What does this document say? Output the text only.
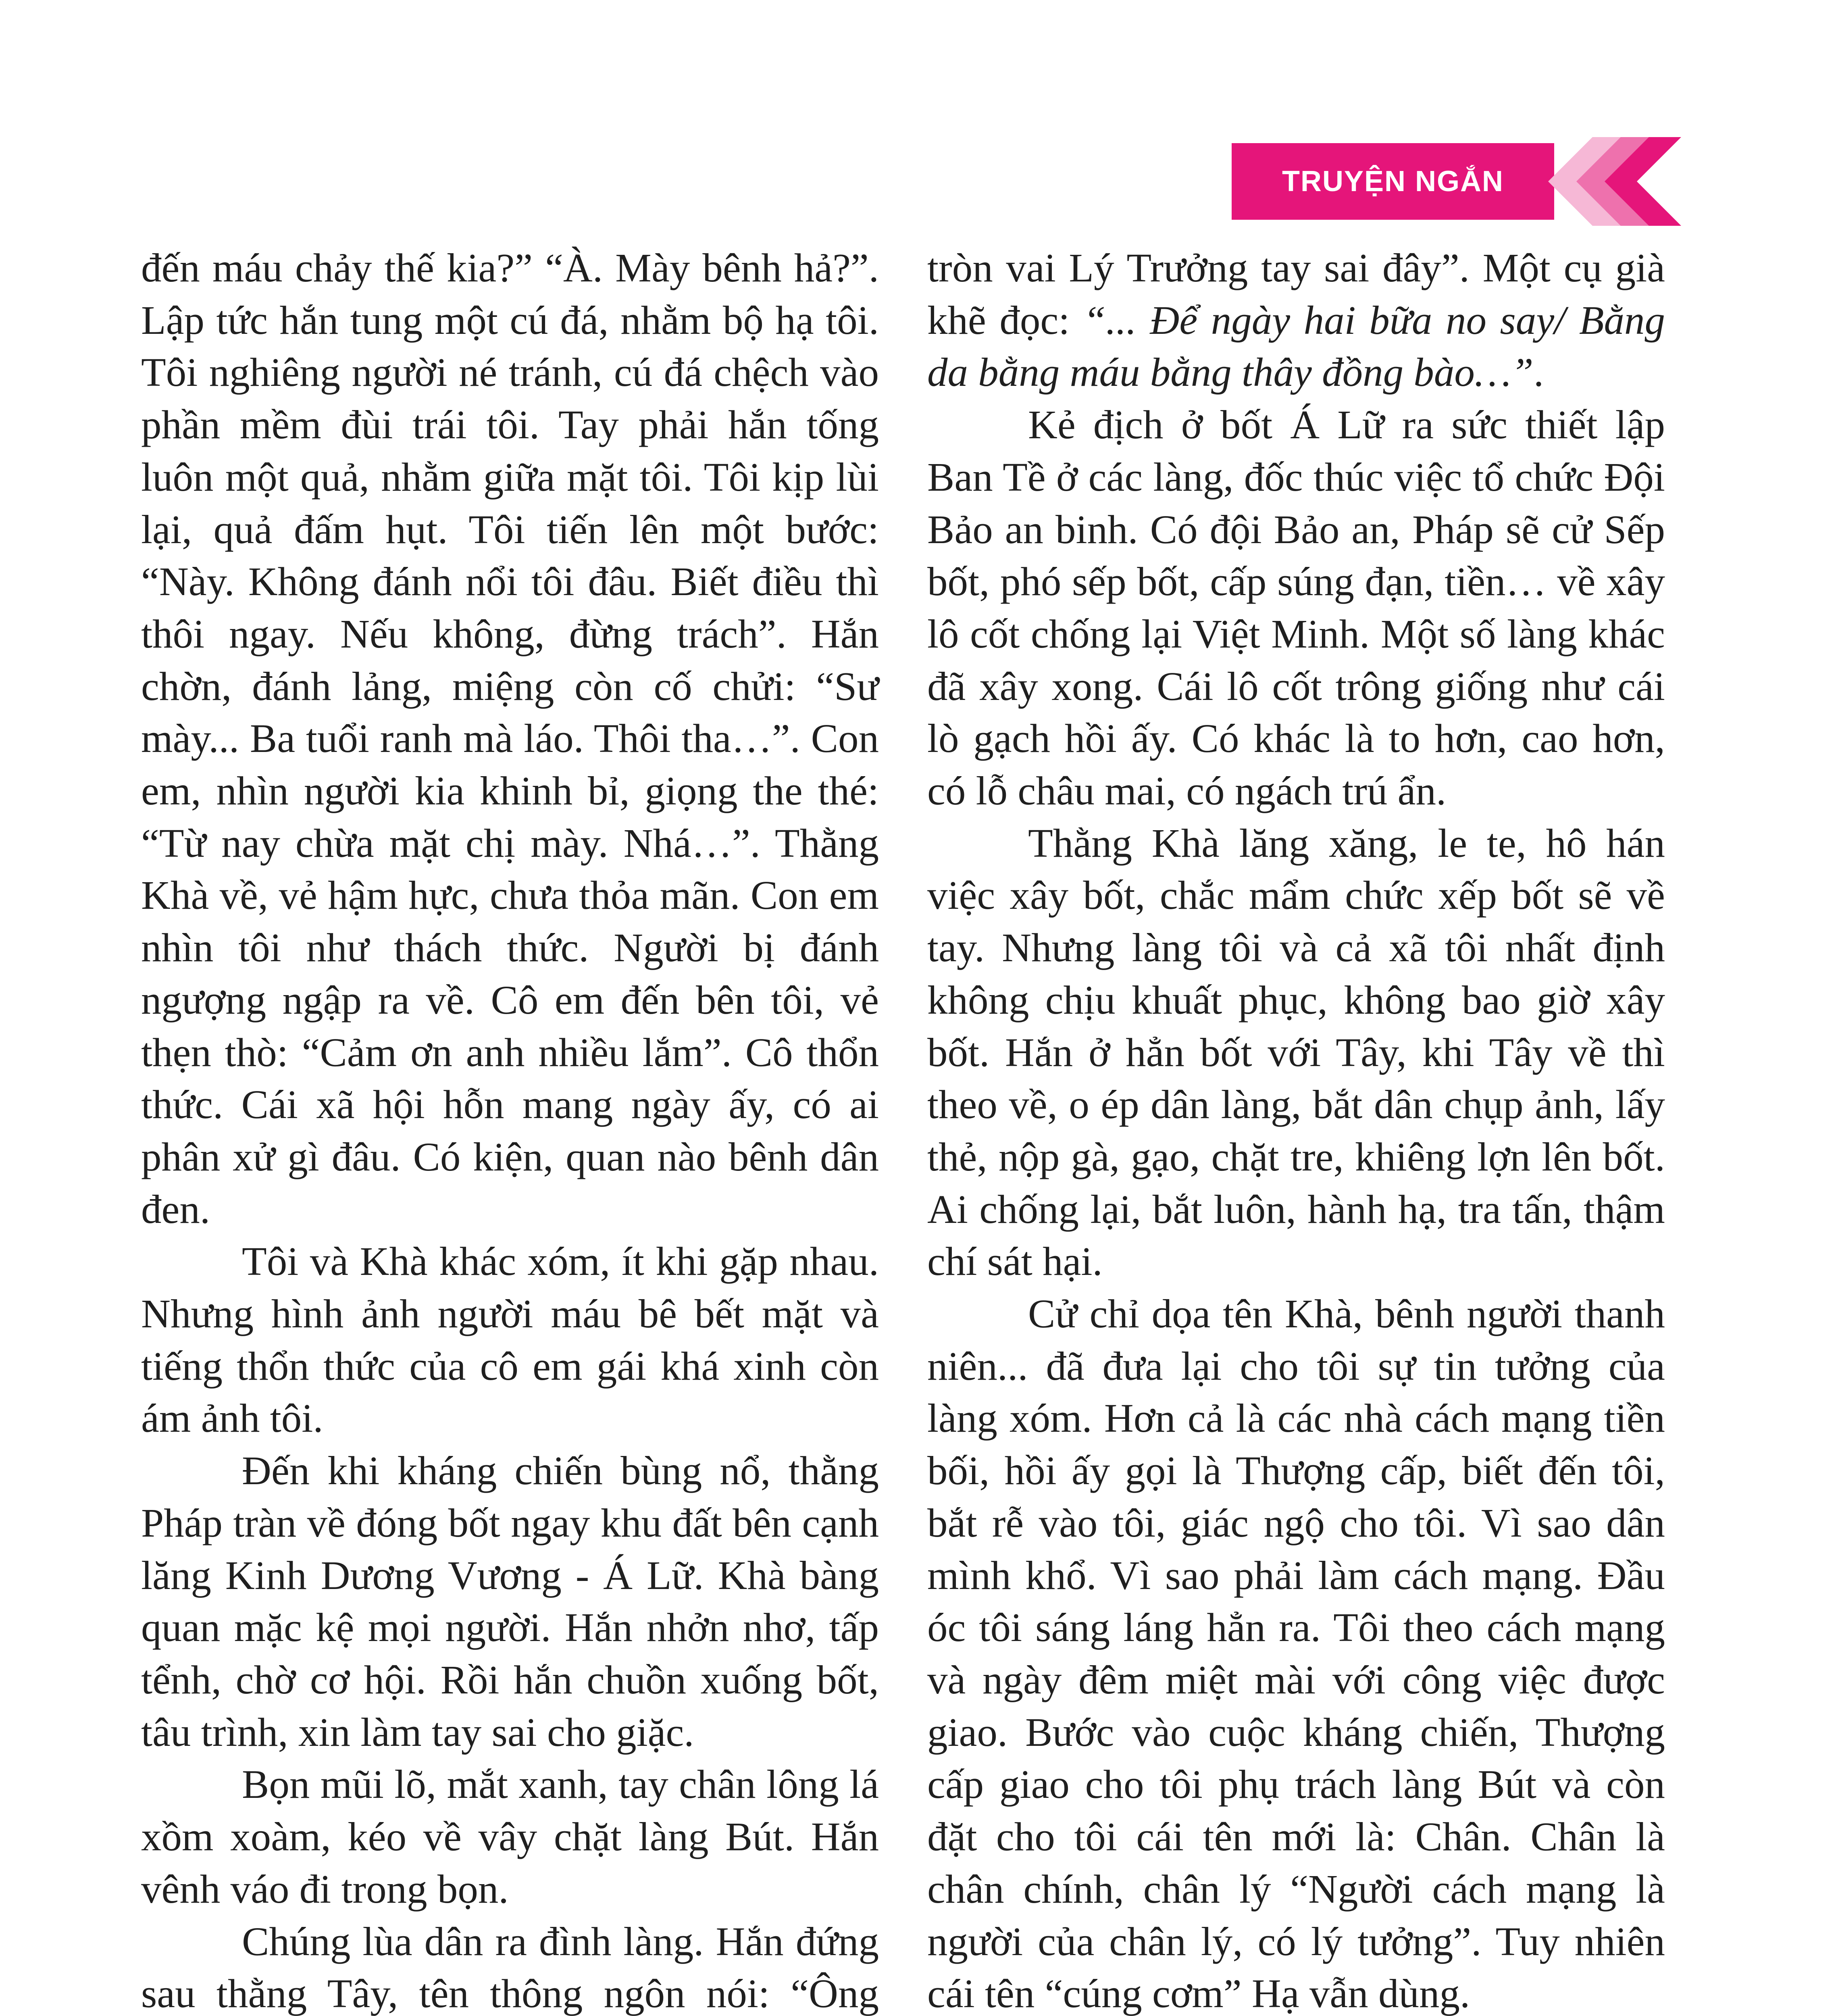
TRUYỆN NGẮN

đến máu chảy thế kia?” “À. Mày bênh hả?”. Lập tức hắn tung một cú đá, nhằm bộ hạ tôi. Tôi nghiêng người né tránh, cú đá chệch vào phần mềm đùi trái tôi. Tay phải hắn tống luôn một quả, nhằm giữa mặt tôi. Tôi kịp lùi lại, quả đấm hụt. Tôi tiến lên một bước: “Này. Không đánh nổi tôi đâu. Biết điều thì thôi ngay. Nếu không, đừng trách”. Hắn chờn, đánh lảng, miệng còn cố chửi: “Sư mày... Ba tuổi ranh mà láo. Thôi tha…”. Con em, nhìn người kia khinh bỉ, giọng the thé: “Từ nay chừa mặt chị mày. Nhá…”. Thằng Khà về, vẻ hậm hực, chưa thỏa mãn. Con em nhìn tôi như thách thức. Người bị đánh ngượng ngập ra về. Cô em đến bên tôi, vẻ thẹn thò: “Cảm ơn anh nhiều lắm”. Cô thổn thức. Cái xã hội hỗn mang ngày ấy, có ai phân xử gì đâu. Có kiện, quan nào bênh dân đen.

Tôi và Khà khác xóm, ít khi gặp nhau. Nhưng hình ảnh người máu bê bết mặt và tiếng thổn thức của cô em gái khá xinh còn ám ảnh tôi.

Đến khi kháng chiến bùng nổ, thằng Pháp tràn về đóng bốt ngay khu đất bên cạnh lăng Kinh Dương Vương - Á Lữ. Khà bàng quan mặc kệ mọi người. Hắn nhởn nhơ, tấp tểnh, chờ cơ hội. Rồi hắn chuồn xuống bốt, tâu trình, xin làm tay sai cho giặc.

Bọn mũi lõ, mắt xanh, tay chân lông lá xồm xoàm, kéo về vây chặt làng Bút. Hắn vênh váo đi trong bọn.

Chúng lùa dân ra đình làng. Hắn đứng sau thằng Tây, tên thông ngôn nói: “Ông

tròn vai Lý Trưởng tay sai đây”. Một cụ già khẽ đọc: “... Để ngày hai bữa no say/ Bằng da bằng máu bằng thây đồng bào…”.

Kẻ địch ở bốt Á Lữ ra sức thiết lập Ban Tề ở các làng, đốc thúc việc tổ chức Đội Bảo an binh. Có đội Bảo an, Pháp sẽ cử Sếp bốt, phó sếp bốt, cấp súng đạn, tiền… về xây lô cốt chống lại Việt Minh. Một số làng khác đã xây xong. Cái lô cốt trông giống như cái lò gạch hồi ấy. Có khác là to hơn, cao hơn, có lỗ châu mai, có ngách trú ẩn.

Thằng Khà lăng xăng, le te, hô hán việc xây bốt, chắc mẩm chức xếp bốt sẽ về tay. Nhưng làng tôi và cả xã tôi nhất định không chịu khuất phục, không bao giờ xây bốt. Hắn ở hẳn bốt với Tây, khi Tây về thì theo về, o ép dân làng, bắt dân chụp ảnh, lấy thẻ, nộp gà, gạo, chặt tre, khiêng lợn lên bốt. Ai chống lại, bắt luôn, hành hạ, tra tấn, thậm chí sát hại.

Cử chỉ dọa tên Khà, bênh người thanh niên... đã đưa lại cho tôi sự tin tưởng của làng xóm. Hơn cả là các nhà cách mạng tiền bối, hồi ấy gọi là Thượng cấp, biết đến tôi, bắt rễ vào tôi, giác ngộ cho tôi. Vì sao dân mình khổ. Vì sao phải làm cách mạng. Đầu óc tôi sáng láng hẳn ra. Tôi theo cách mạng và ngày đêm miệt mài với công việc được giao. Bước vào cuộc kháng chiến, Thượng cấp giao cho tôi phụ trách làng Bút và còn đặt cho tôi cái tên mới là: Chân. Chân là chân chính, chân lý “Người cách mạng là người của chân lý, có lý tưởng”. Tuy nhiên cái tên “cúng cơm” Hạ vẫn dùng.
